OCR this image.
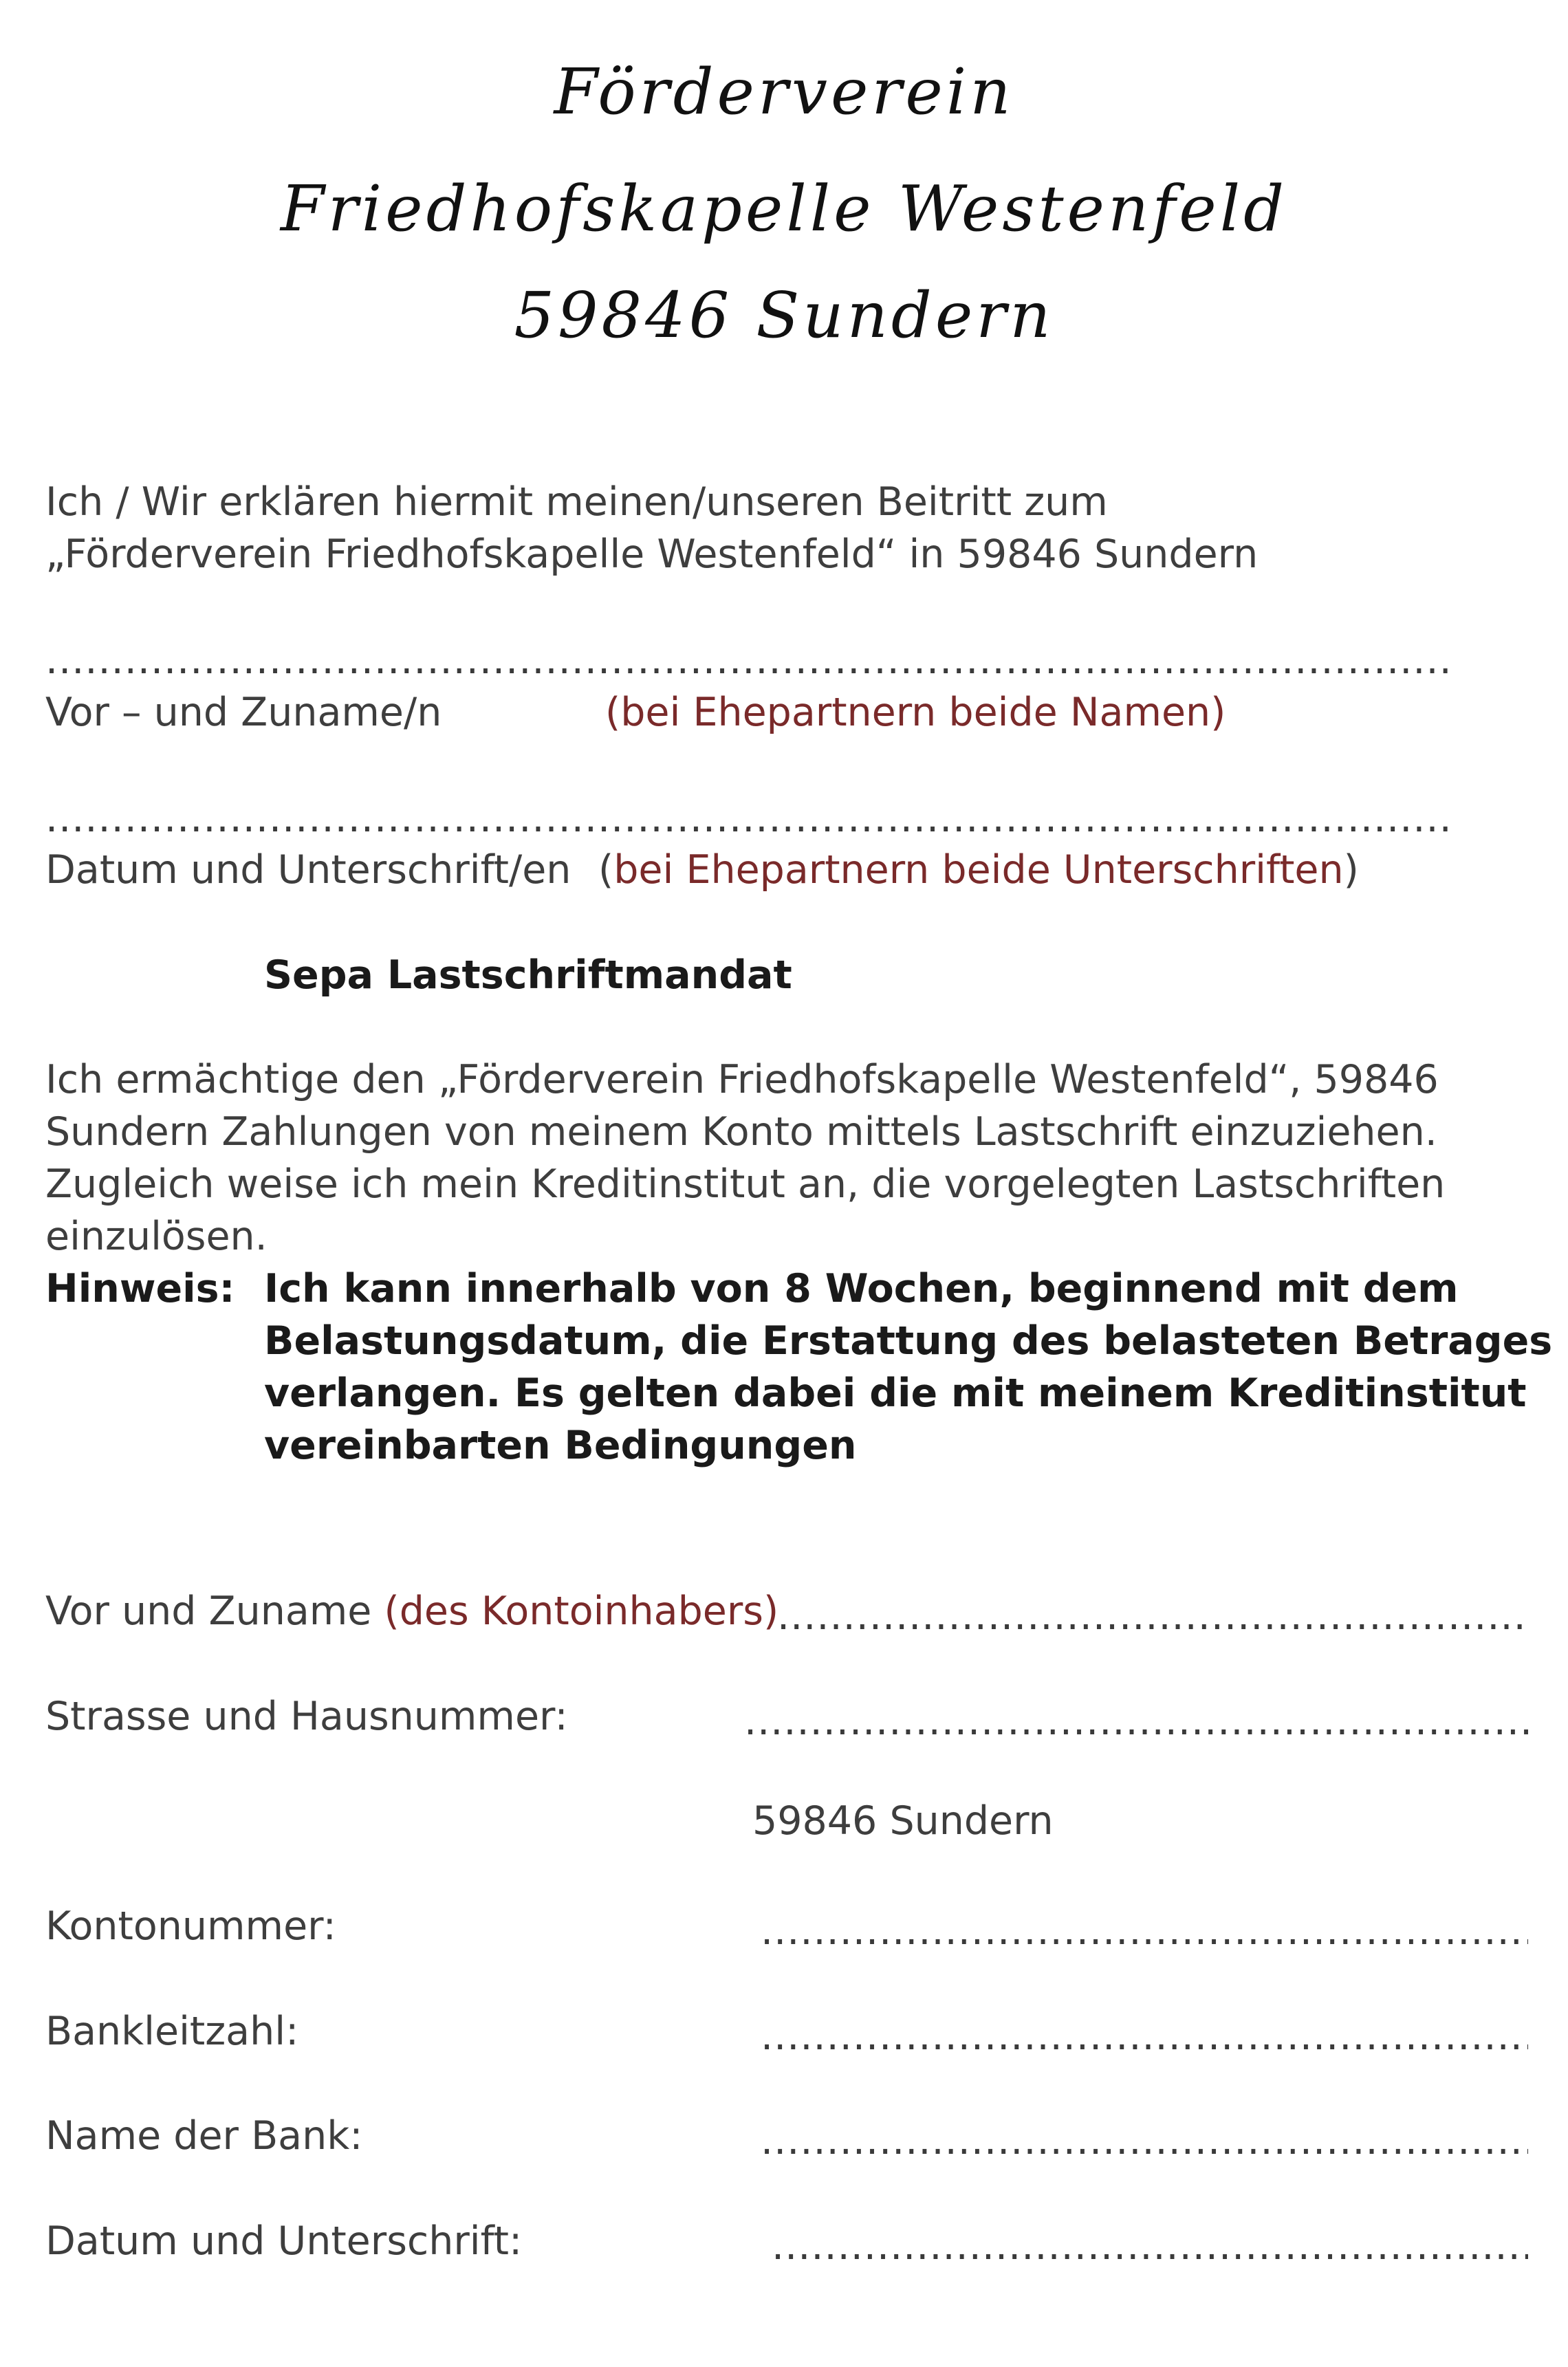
Förderverein
Friedhofskapelle Westenfeld
59846 Sundern
Ich / Wir erklären hiermit meinen/unseren Beitritt zum
„Förderverein Friedhofskapelle Westenfeld“ in 59846 Sundern
.....
Vor – und Zuname/n	(bei Ehepartnern beide Namen)
.....
Datum und Unterschrift/en (bei Ehepartnern beide Unterschriften)
Sepa Lastschriftmandat
Ich ermächtige den „Förderverein Friedhofskapelle Westenfeld“, 59846
Sundern Zahlungen von meinem Konto mittels Lastschrift einzuziehen.
Zugleich weise ich mein Kreditinstitut an, die vorgelegten Lastschriften
einzulösen.
Hinweis: Ich kann innerhalb von 8 Wochen, beginnend mit dem
Belastungsdatum, die Erstattung des belasteten Betrages
verlangen. Es gelten dabei die mit meinem Kreditinstitut
vereinbarten Bedingungen
Vor und Zuname (des Kontoinhabers)
.....
Strasse und Hausnummer:
.....
59846 Sundern
Kontonummer:
.....
Bankleitzahl:
.....
Name der Bank:
.....
Datum und Unterschrift:
.....
